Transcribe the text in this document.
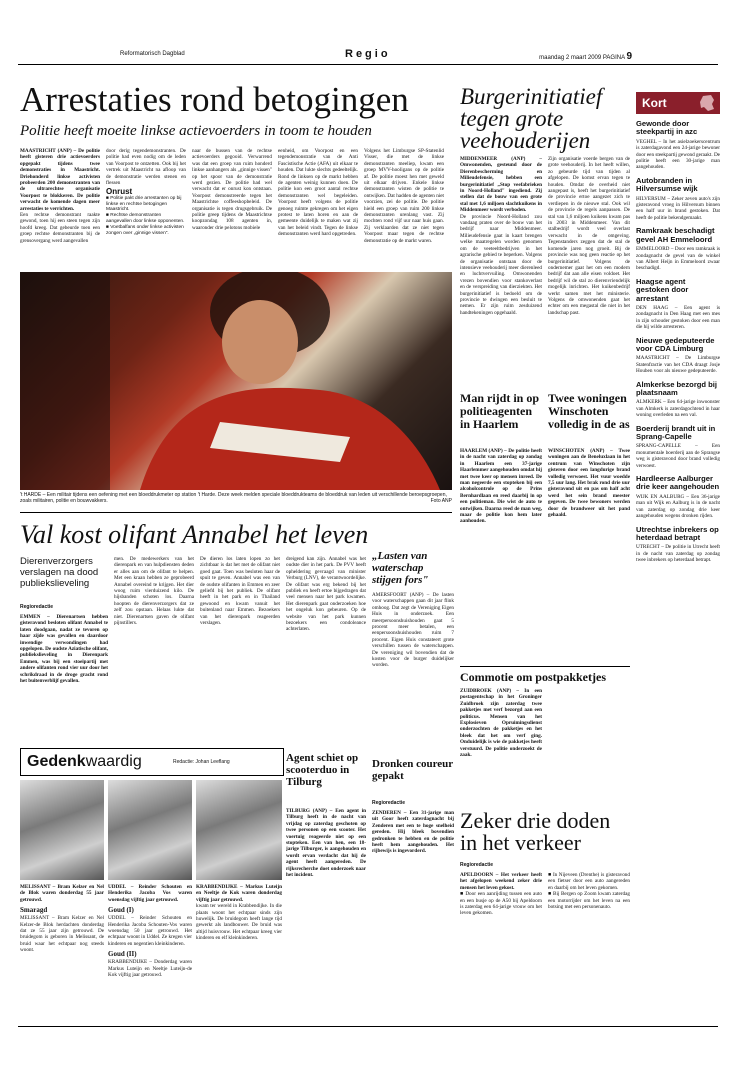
Reformatorisch Dagblad	Regio	maandag 2 maart 2009 PAGINA 9
Arrestaties rond betogingen
Politie heeft moeite linkse actievoerders in toom te houden
MAASTRICHT (ANP) – De politie heeft gisteren drie actievoerders opgepakt tijdens twee demonstraties in Maastricht. Driehonderd linkse activisten probeerden 200 demonstranten van de ultrarechtse organisatie Voorpost te blokkeren. De politie verwacht de komende dagen meer arrestaties te verrichten.
Een rechtse demonstrant raakte gewond, toen hij een steen tegen zijn hoofd kreeg. Dat gebeurde toen een groep rechtse demonstranten bij de grensovergang werd aangevallen
door derig tegendemonstranten. De politie had even nodig om de leden van Voorpost te ontzetten. Ook bij het vertrek uit Maastricht na afloop van de demonstratie werden stenen en flessen
Onrust
■ Politie pakt drie arrestanten op bij linkse en rechtse betogingen Maastricht.
■ Rechtse demonstranten aangevallen door linkse opponenten.
■ Voetbalfans onder linkse activisten zongen over „ginnige vissen".
naar de bussen van de rechtse actievoerders gegooid. Verwarrend was dat een groep van ruim honderd linkse aanhangers als „ginnige vissen" op het spoor van de demonstratie werd gezien. De politie had wel verwacht dat er onrust kon ontstaan. Voorpost demonstreerde tegen het Maastrichtse coffeeshopbeleid. De organisatie is tegen drugsgebruik. De politie greep tijdens de Maastrichtse koopzondag 108 agenten in, waaronder drie pelotons mobiele
eenheid, om Voorpost en een tegendemonstratie van de Anti Fascistische Actie (AFA) uit elkaar te houden. Dat lukte slechts gedeeltelijk. Rond de linksen op de markt hebben de agenten weinig kunnen doen. De politie kon een groot aantal rechtse demonstranten wel begeleiden. Voorpost heeft volgens de politie genoeg ruimte gekregen om het eigen protest te laten horen en aan de gemeente duidelijk te maken wat zij van het beleid vindt. Tegen de linkse demonstranten werd hard opgetreden.
Volgens het Limburgse SP-Statenlid Visser, die met de linkse demonstranten meeliep, kwam een groep MVV-hooligans op de politie af. De politie moest hen met geweld uit elkaar drijven. Enkele linkse demonstranten wisten de politie te ontwijken. Dat hadden de agenten niet voorzien, zei de politie. De politie hield een groep van ruim 200 linkse demonstranten urenlang vast. Zij mochten rond vijf uur naar huis gaan. Zij verklaarden dat ze niet tegen Voorpost maar tegen de rechtse demonstratie op de markt waren.
Burgerinitiatief tegen grote veehouderijen
MIDDENMEER (ANP) – Omwonenden, gesteund door de Dierenbescherming en Milieudefensie, hebben een burgerinitiatief „Stop veefabrieken in Noord-Holland" ingediend. Zij stellen dat de bouw van een grote stal met 1,6 miljoen slachtkuikens in Middenmeer wordt verboden.
De provincie Noord-Holland zou vandaag praten over de bouw van het bedrijf naar Middenmeer. Milieudefensie gaat in kaart brengen welke maatregelen worden genomen om de veeteeltbedrijven in het agrarische gebied te beperken. Volgens de organisatie ontstaan door de intensieve veehouderij meer dierenleed en luchtvervuiling. Omwonenden vrezen bovendien voor stankoverlast en de verspreiding van dierziekten. Het burgerinitiatief is bedoeld om de provincie te dwingen een besluit te nemen. Er zijn ruim zesduizend handtekeningen opgehaald.
Zijn organisatie voerde bergen van de grote veehouderij. In het heeft willen, zo gebeurde tijd van tijden al afgelopen. De komst ervan tegen te houden. Omdat de overheid niet aangepast is, heeft het burgerinitiatief de provincie ertoe aangezet zich te verdiepen in de nieuwe stal. Ook wil de provincie de regels aanpassen. De stal van 1,6 miljoen kuikens kwam pas in 2003 in Middenmeer. Van dit stalbedrijf wordt veel overlast verwacht in de omgeving. Tegenstanders zeggen dat de stal de komende jaren nog groeit. Bij de provincie was nog geen reactie op het burgerinitiatief. Volgens de ondernemer gaat het om een modern bedrijf dat aan alle eisen voldoet. Het bedrijf wil de stal zo dierenvriendelijk mogelijk inrichten. Het kuikenbedrijf werkt samen met het ministerie. Volgens de omwonenden gaat het echter om een megastal die niet in het landschap past.
't HARDE – Een militair tijdens een oefening met een bloeddrukmeter op station 't Harde. Deze week melden speciale bloeddrukteams de bloeddruk van leden uit verschillende beroepsgroepen, zoals militairen, politie en bouwvakkers.	Foto ANP
Val kost olifant Annabel het leven
Dierenverzorgers verslagen na dood publiekslieveling
Regioredactie
EMMEN – Dierenartsen hebben gisteravond besloten olifant Annabel te laten doodgaan, nadat ze tevoren op haar zijde was gevallen en daardoor inwendige verwondingen had opgelopen. De oudste Aziatische olifant, publiekslieveling in Dierenpark Emmen, was bij een stoeipartij met andere olifanten rond vier uur door het schrikdraad in de droge gracht rond het buitenverblijf gevallen.
men. De medewerkers van het dierenpark en van hulpdiensten deden er alles aan om de olifant te helpen. Met een kraan hebben ze geprobeerd Annabel overeind te krijgen. Het dier woog ruim vierduizend kilo. De hijsbanden schoten los. Daarna hoopten de dierenverzorgers dat ze zelf zou opstaan. Helaas lukte dat niet. Dierenartsen gaven de olifant pijnstillers.
De dieren los laten lopen zo het zichtbaar is dat het met de olifant niet goed gaat. Toen was besloten haar de spuit te geven. Annabel was een van de oudste olifanten in Emmen en zeer geliefd bij het publiek. De olifant heeft in het park en in Thailand gewoond en kwam vanuit het buitenland naar Emmen. Bezoekers van het dierenpark reageerden verslagen.
dreigend kan zijn. Annabel was het oudste dier in het park. De PVV heeft opheldering gevraagd van minister Verburg (LNV), de verantwoordelijke. De olifant was erg bekend bij het publiek en heeft ertoe bijgedragen dat veel mensen naar het park kwamen. Het dierenpark gaat onderzoeken hoe het ongeluk kon gebeuren. Op de website van het park kunnen bezoekers een condoleance achterlaten.
„Lasten van waterschap stijgen fors"
AMERSFOORT (ANP) – De lasten voor waterschappen gaan dit jaar flink omhoog. Dat zegt de Vereniging Eigen Huis in onderzoek. Een meerpersoonshuishouden gaat 5 procent meer betalen, een eenpersoonshuishouden ruim 7 procent. Eigen Huis constateert grote verschillen tussen de waterschappen. De vereniging wil bovendien dat de kosten voor de burger duidelijker worden.
Man rijdt in op politieagenten in Haarlem
HAARLEM (ANP) – De politie heeft in de nacht van zaterdag op zondag in Haarlem een 37-jarige Haarlemmer aangehouden omdat hij met twee keer op mensen inreed. De man negeerde een stopteken bij een alcoholcontrole op de Prins Bernhardlaan en reed daarbij in op een politieman. Die wist de auto te ontwijken. Daarna reed de man weg, maar de politie kon hem later aanhouden.
Twee woningen Winschoten volledig in de as
WINSCHOTEN (ANP) – Twee woningen aan de Beneluxlaan in het centrum van Winschoten zijn gisteren door een langdurige brand volledig verwoest. Het vuur woedde 7,5 uur lang. Het brak rond drie uur gisteravond uit en pas om half acht werd het sein brand meester gegeven. De twee bewoners werden door de brandweer uit het pand gehaald.
Commotie om postpakketjes
ZUIDBROEK (ANP) – In een postagentschap in het Groninger Zuidbroek zijn zaterdag twee pakketjes met verf bezorgd aan een politicus. Mensen van het Explosieven Opruimingsdienst onderzochten de pakketjes en het bleek dat het om verf ging. Onduidelijk is wie de pakketjes heeft verstuurd. De politie onderzoekt de zaak.
Zeker drie doden in het verkeer
Regioredactie
APELDOORN – Het verkeer heeft het afgelopen weekend zeker drie mensen het leven gekost.
■ Door een aanrijding tussen een auto en een busje op de A50 bij Apeldoorn is zaterdag een 64-jarige vrouw om het leven gekomen.
■ In Nijeveen (Drenthe) is gisteravond een fietser door een auto aangereden en daarbij om het leven gekomen.
■ Bij Bergen op Zoom kwam zaterdag een motorrijder om het leven na een botsing met een personenauto.
Agent schiet op scooterduo in Tilburg
TILBURG (ANP) – Een agent in Tilburg heeft in de nacht van vrijdag op zaterdag geschoten op twee personen op een scooter. Het voertuig reageerde niet op een stopteken. Een van hen, een 18-jarige Tilburger, is aangehouden en wordt ervan verdacht dat hij de agent heeft aangereden. De rijksrecherche doet onderzoek naar het incident.
Dronken coureur gepakt
Regioredactie
ZENDEREN – Een 31-jarige man uit Goor heeft zaterdagnacht bij Zenderen met een te hoge snelheid gereden. Hij bleek bovendien gedronken te hebben en de politie heeft hem aangehouden. Het rijbewijs is ingevorderd.
Gedenkwaardig	Redactie: Johan Leeflang
MELISSANT – Bram Kelzer en Nel de Blok waren donderdag 55 jaar getrouwd.
Smaragd
MELISSANT – Bram Kelzer en Nel Kelzer-de Blok herdachten donderdag dat ze 55 jaar zijn getrouwd. De bruidegom is geboren in Melissant, de bruid waar het echtpaar nog steeds woont.
UDDEL – Reinder Schouten en Henderika Jacoba Vos waren woensdag vijftig jaar getrouwd.
Goud (I)
UDDEL – Reinder Schouten en Henderika Jacoba Schouten-Vos waren woensdag 50 jaar getrouwd. Het echtpaar woont in Uddel. Ze kregen vier kinderen en negentien kleinkinderen.
Goud (II)
KRABBENDIJKE – Donderdag waren Markus Luteijn en Neeltje Luteijn-de Kok vijftig jaar getrouwd.
KRABBENDIJKE – Markus Luteijn en Neeltje de Kok waren donderdag vijftig jaar getrouwd.
kwam ter wereld in Krabbendijke. In die plaats woont het echtpaar sinds zijn huwelijk. De bruidegom heeft lange tijd gewerkt als landbouwer. De bruid was altijd huisvrouw. Het echtpaar kreeg vier kinderen en elf kleinkinderen.
Kort
Gewonde door steekpartij in azc
VEGHEL – In het asielzoekerscentrum is zaterdagavond een 24-jarige bewoner door een steekpartij gewond geraakt. De politie heeft een 30-jarige man aangehouden.
Autobranden in Hilversumse wijk
HILVERSUM – Zeker zeven auto's zijn gisteravond vroeg in Hilversum binnen een half uur in brand gestoken. Dat heeft de politie bekendgemaakt.
Ramkraak beschadigt gevel AH Emmeloord
EMMELOORD – Door een ramkraak is zondagnacht de gevel van de winkel van Albert Heijn in Emmeloord zwaar beschadigd.
Haagse agent gestoken door arrestant
DEN HAAG – Een agent is zondagnacht in Den Haag met een mes in zijn schouder gestoken door een man die hij wilde arresteren.
Nieuwe gedeputeerde voor CDA Limburg
MAASTRICHT – De Limburgse Statenfractie van het CDA draagt Josje Houben voor als nieuwe gedeputeerde.
Almkerkse bezorgd bij plaatsnaam
ALMKERK – Een 64-jarige inwoonster van Almkerk is zaterdagochtend in haar woning overleden na een val.
Boerderij brandt uit in Sprang-Capelle
SPRANG-CAPELLE – Een monumentale boerderij aan de Sprangse weg is gisteravond door brand volledig verwoest.
Hardleerse Aalburger drie keer aangehouden
WIJK EN AALBURG – Een 36-jarige man uit Wijk en Aalburg is in de nacht van zaterdag op zondag drie keer aangehouden wegens dronken rijden.
Utrechtse inbrekers op heterdaad betrapt
UTRECHT – De politie in Utrecht heeft in de nacht van zaterdag op zondag twee inbrekers op heterdaad betrapt.
